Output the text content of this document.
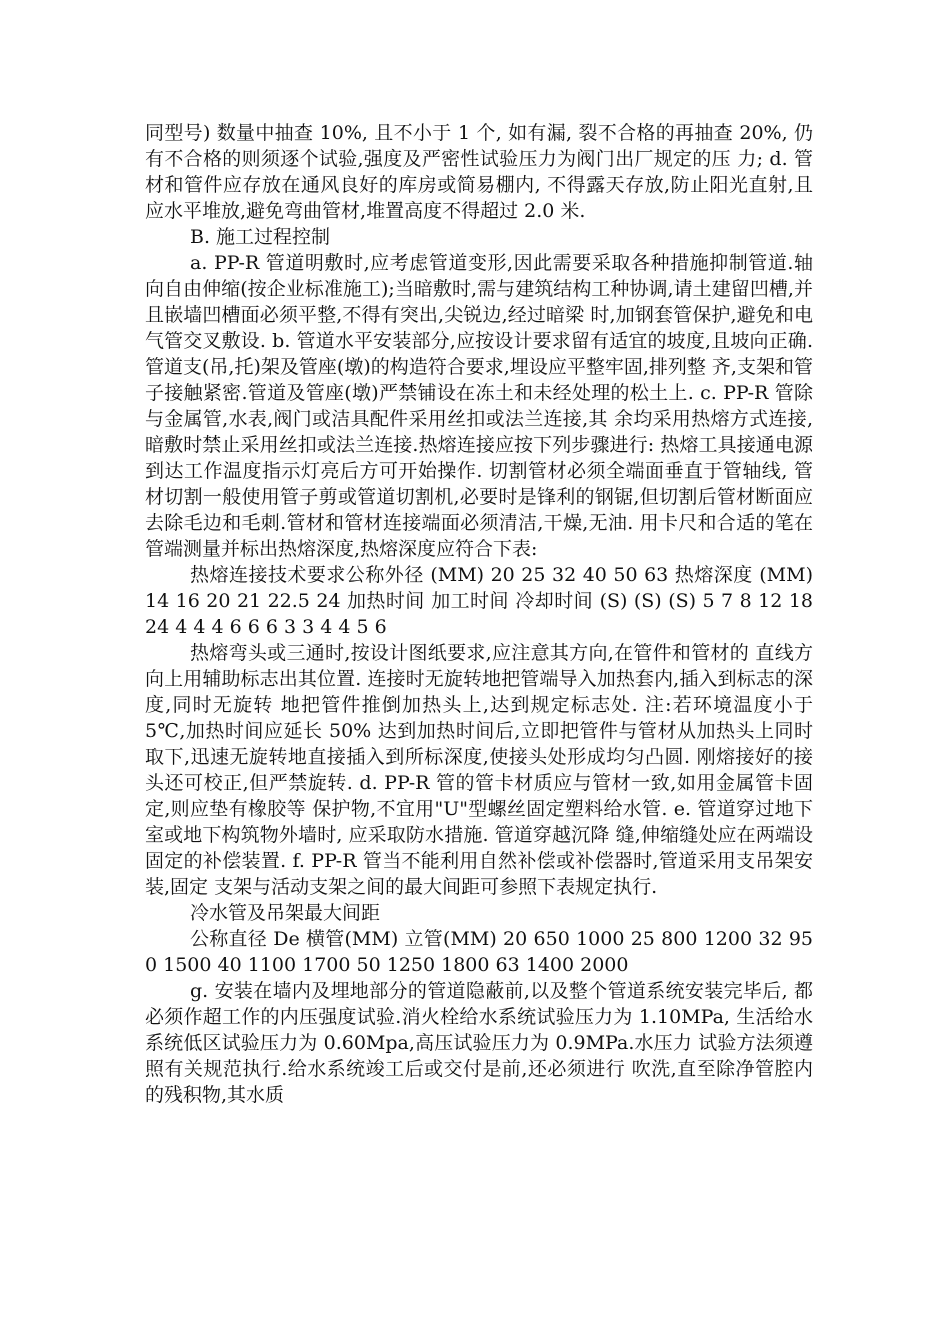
同型号) 数量中抽查 10%, 且不小于 1 个, 如有漏, 裂不合格的再抽查 20%, 仍有不合格的则须逐个试验,强度及严密性试验压力为阀门出厂规定的压 力; d. 管材和管件应存放在通风良好的库房或简易棚内, 不得露天存放,防止阳光直射,且应水平堆放,避免弯曲管材,堆置高度不得超过 2.0 米.

B. 施工过程控制

a. PP-R 管道明敷时,应考虑管道变形,因此需要采取各种措施抑制管道.轴向自由伸缩(按企业标准施工);当暗敷时,需与建筑结构工种协调,请土建留凹槽,并且嵌墙凹槽面必须平整,不得有突出,尖锐边,经过暗梁 时,加钢套管保护,避免和电气管交叉敷设. b. 管道水平安装部分,应按设计要求留有适宜的坡度,且坡向正确.管道支(吊,托)架及管座(墩)的构造符合要求,埋设应平整牢固,排列整 齐,支架和管子接触紧密.管道及管座(墩)严禁铺设在冻土和未经处理的松土上. c. PP-R 管除与金属管,水表,阀门或洁具配件采用丝扣或法兰连接,其 余均采用热熔方式连接,暗敷时禁止采用丝扣或法兰连接.热熔连接应按下列步骤进行: 热熔工具接通电源到达工作温度指示灯亮后方可开始操作. 切割管材必须全端面垂直于管轴线, 管材切割一般使用管子剪或管道切割机,必要时是锋利的钢锯,但切割后管材断面应去除毛边和毛刺.管材和管材连接端面必须清洁,干燥,无油. 用卡尺和合适的笔在管端测量并标出热熔深度,热熔深度应符合下表:

热熔连接技术要求公称外径 (MM) 20 25 32 40 50 63 热熔深度 (MM) 14 16 20 21 22.5 24 加热时间 加工时间 冷却时间 (S) (S) (S) 5 7 8 12 18 24 4 4 4 6 6 6 3 3 4 4 5 6

热熔弯头或三通时,按设计图纸要求,应注意其方向,在管件和管材的 直线方向上用辅助标志出其位置. 连接时无旋转地把管端导入加热套内,插入到标志的深度,同时无旋转 地把管件推倒加热头上,达到规定标志处. 注:若环境温度小于 5℃,加热时间应延长 50% 达到加热时间后,立即把管件与管材从加热头上同时取下,迅速无旋转地直接插入到所标深度,使接头处形成均匀凸圆. 刚熔接好的接头还可校正,但严禁旋转. d. PP-R 管的管卡材质应与管材一致,如用金属管卡固定,则应垫有橡胶等 保护物,不宜用"U"型螺丝固定塑料给水管. e. 管道穿过地下室或地下构筑物外墙时, 应采取防水措施. 管道穿越沉降 缝,伸缩缝处应在两端设固定的补偿装置. f. PP-R 管当不能利用自然补偿或补偿器时,管道采用支吊架安装,固定 支架与活动支架之间的最大间距可参照下表规定执行.

冷水管及吊架最大间距

公称直径 De 横管(MM) 立管(MM) 20 650 1000 25 800 1200 32 950 1500 40 1100 1700 50 1250 1800 63 1400 2000

g. 安装在墙内及埋地部分的管道隐蔽前,以及整个管道系统安装完毕后, 都必须作超工作的内压强度试验.消火栓给水系统试验压力为 1.10MPa, 生活给水系统低区试验压力为 0.60Mpa,高压试验压力为 0.9MPa.水压力 试验方法须遵照有关规范执行.给水系统竣工后或交付是前,还必须进行 吹洗,直至除净管腔内的残积物,其水质
